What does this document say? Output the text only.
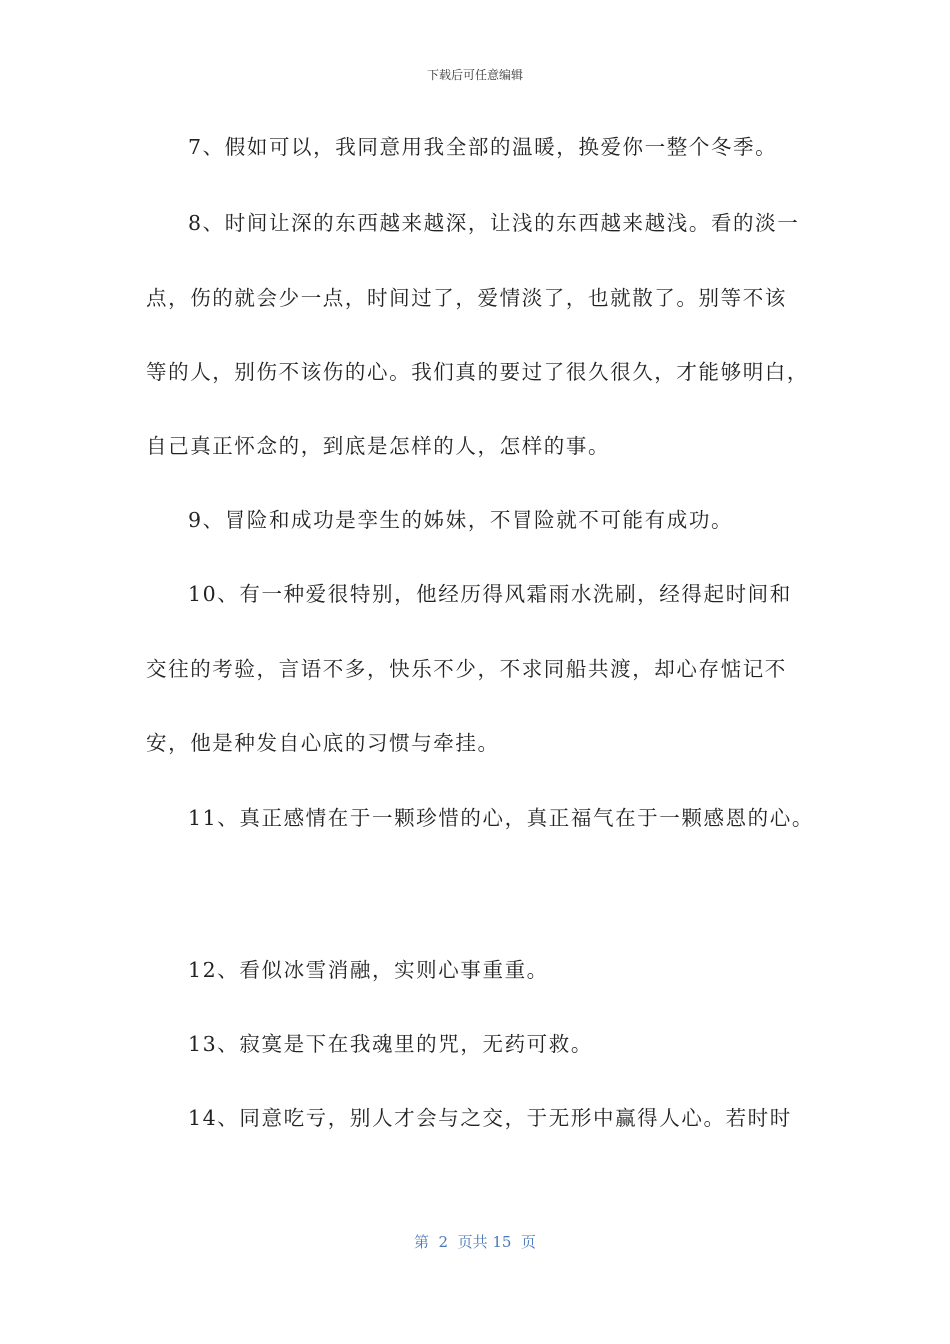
下载后可任意编辑
7、假如可以，我同意用我全部的温暖，换爱你一整个冬季。
8、时间让深的东西越来越深，让浅的东西越来越浅。看的淡一
点，伤的就会少一点，时间过了，爱情淡了，也就散了。别等不该
等的人，别伤不该伤的心。我们真的要过了很久很久，才能够明白，
自己真正怀念的，到底是怎样的人，怎样的事。
9、冒险和成功是孪生的姊妹，不冒险就不可能有成功。
10、有一种爱很特别，他经历得风霜雨水洗刷，经得起时间和
交往的考验，言语不多，快乐不少，不求同船共渡，却心存惦记不
安，他是种发自心底的习惯与牵挂。
11、真正感情在于一颗珍惜的心，真正福气在于一颗感恩的心。
12、看似冰雪消融，实则心事重重。
13、寂寞是下在我魂里的咒，无药可救。
14、同意吃亏，别人才会与之交，于无形中赢得人心。若时时
第  2  页共 15  页
